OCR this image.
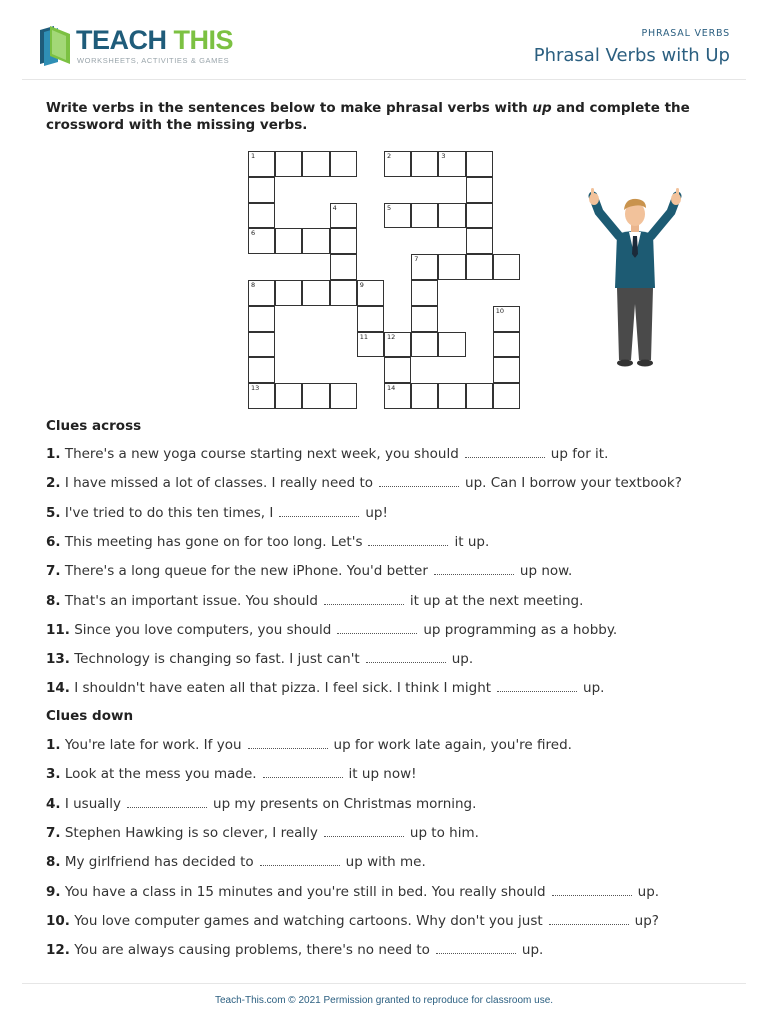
TEACH THIS
WORKSHEETS, ACTIVITIES & GAMES
PHRASAL VERBS
Phrasal Verbs with Up
Write verbs in the sentences below to make phrasal verbs with up and complete the crossword with the missing verbs.
1	2	3
4	5
6
7
8	9
10
11	12
13	14
Clues across
1. There's a new yoga course starting next week, you should	up for it.
2. I have missed a lot of classes. I really need to	up. Can I borrow your textbook?
5. I've tried to do this ten times, I	up!
6. This meeting has gone on for too long. Let's	it up.
7. There's a long queue for the new iPhone. You'd better	up now.
8. That's an important issue. You should	it up at the next meeting.
11. Since you love computers, you should	up programming as a hobby.
13. Technology is changing so fast. I just can't	up.
14. I shouldn't have eaten all that pizza. I feel sick. I think I might	up.
Clues down
1. You're late for work. If you	up for work late again, you're fired.
3. Look at the mess you made.	it up now!
4. I usually	up my presents on Christmas morning.
7. Stephen Hawking is so clever, I really	up to him.
8. My girlfriend has decided to	up with me.
9. You have a class in 15 minutes and you're still in bed. You really should	up.
10. You love computer games and watching cartoons. Why don't you just	up?
12. You are always causing problems, there's no need to	up.
Teach-This.com © 2021 Permission granted to reproduce for classroom use.
